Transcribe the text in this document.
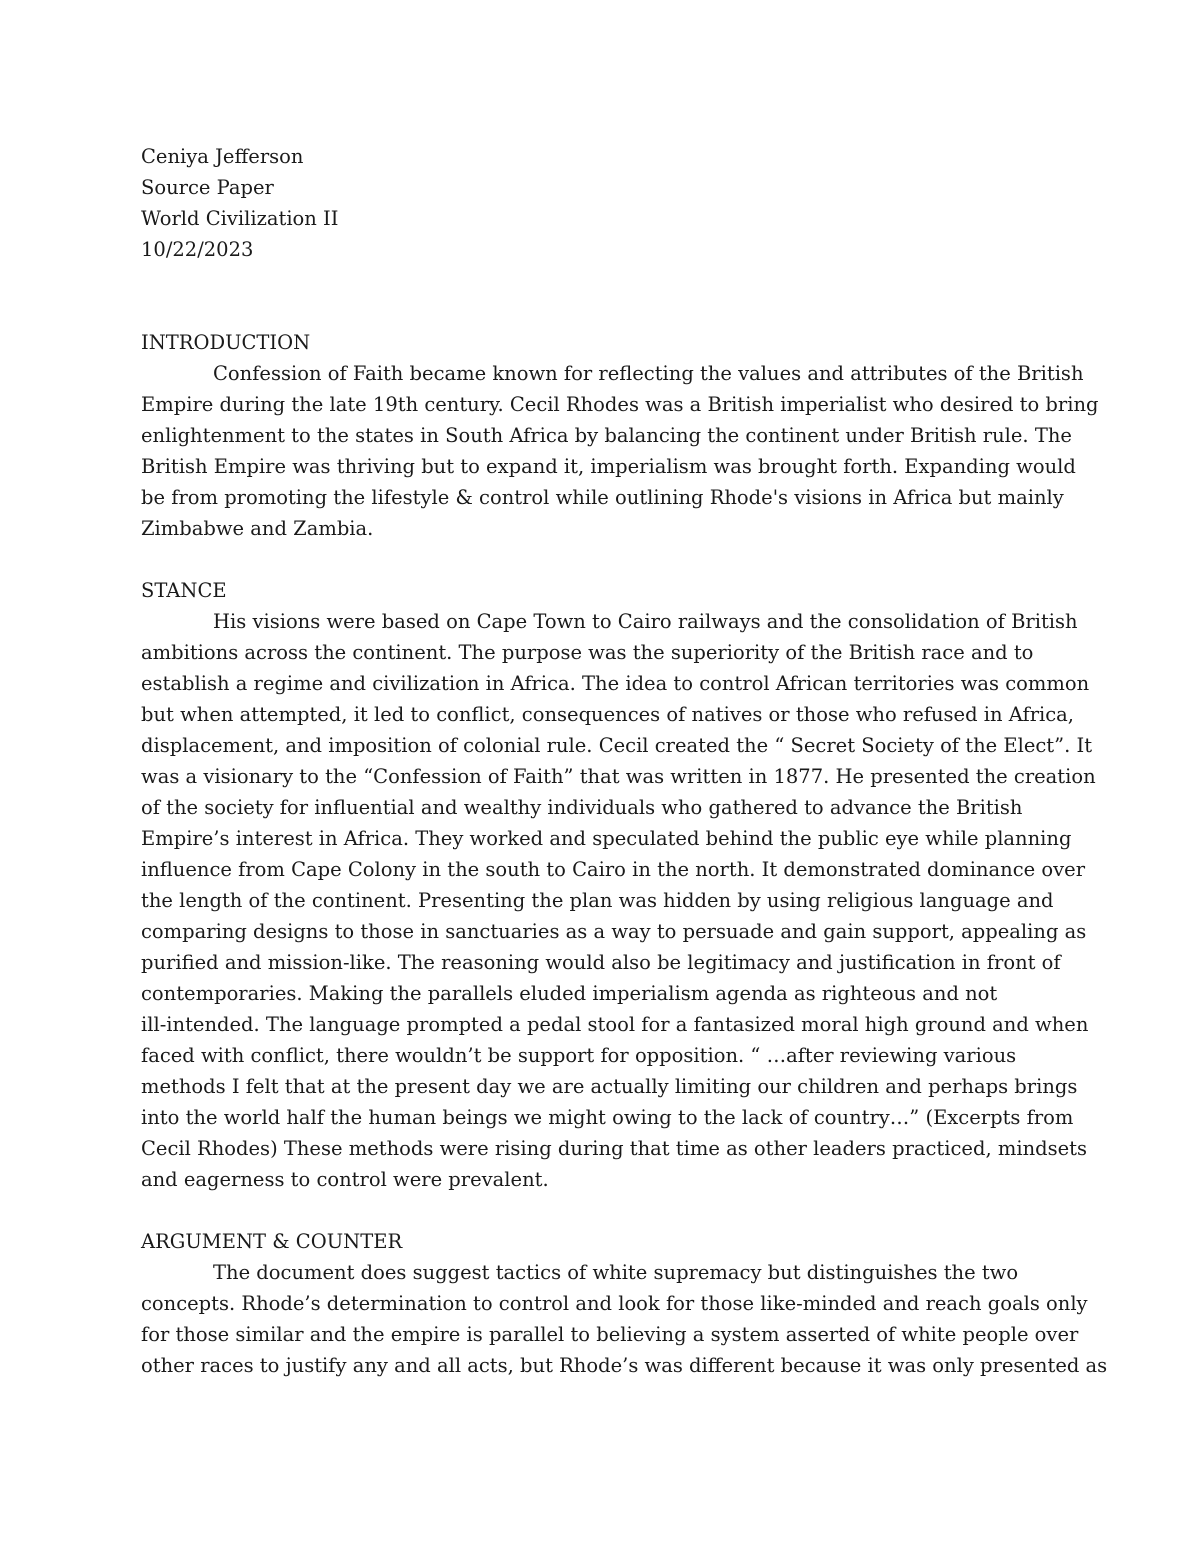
Ceniya Jefferson
Source Paper
World Civilization II
10/22/2023
INTRODUCTION
Confession of Faith became known for reflecting the values and attributes of the British
Empire during the late 19th century. Cecil Rhodes was a British imperialist who desired to bring
enlightenment to the states in South Africa by balancing the continent under British rule. The
British Empire was thriving but to expand it, imperialism was brought forth. Expanding would
be from promoting the lifestyle & control while outlining Rhode's visions in Africa but mainly
Zimbabwe and Zambia.
STANCE
His visions were based on Cape Town to Cairo railways and the consolidation of British
ambitions across the continent. The purpose was the superiority of the British race and to
establish a regime and civilization in Africa. The idea to control African territories was common
but when attempted, it led to conflict, consequences of natives or those who refused in Africa,
displacement, and imposition of colonial rule. Cecil created the “ Secret Society of the Elect”. It
was a visionary to the “Confession of Faith” that was written in 1877. He presented the creation
of the society for influential and wealthy individuals who gathered to advance the British
Empire’s interest in Africa. They worked and speculated behind the public eye while planning
influence from Cape Colony in the south to Cairo in the north. It demonstrated dominance over
the length of the continent. Presenting the plan was hidden by using religious language and
comparing designs to those in sanctuaries as a way to persuade and gain support, appealing as
purified and mission-like. The reasoning would also be legitimacy and justification in front of
contemporaries. Making the parallels eluded imperialism agenda as righteous and not
ill-intended. The language prompted a pedal stool for a fantasized moral high ground and when
faced with conflict, there wouldn’t be support for opposition. “ …after reviewing various
methods I felt that at the present day we are actually limiting our children and perhaps brings
into the world half the human beings we might owing to the lack of country…” (Excerpts from
Cecil Rhodes) These methods were rising during that time as other leaders practiced, mindsets
and eagerness to control were prevalent.
ARGUMENT & COUNTER
The document does suggest tactics of white supremacy but distinguishes the two
concepts. Rhode’s determination to control and look for those like-minded and reach goals only
for those similar and the empire is parallel to believing a system asserted of white people over
other races to justify any and all acts, but Rhode’s was different because it was only presented as
